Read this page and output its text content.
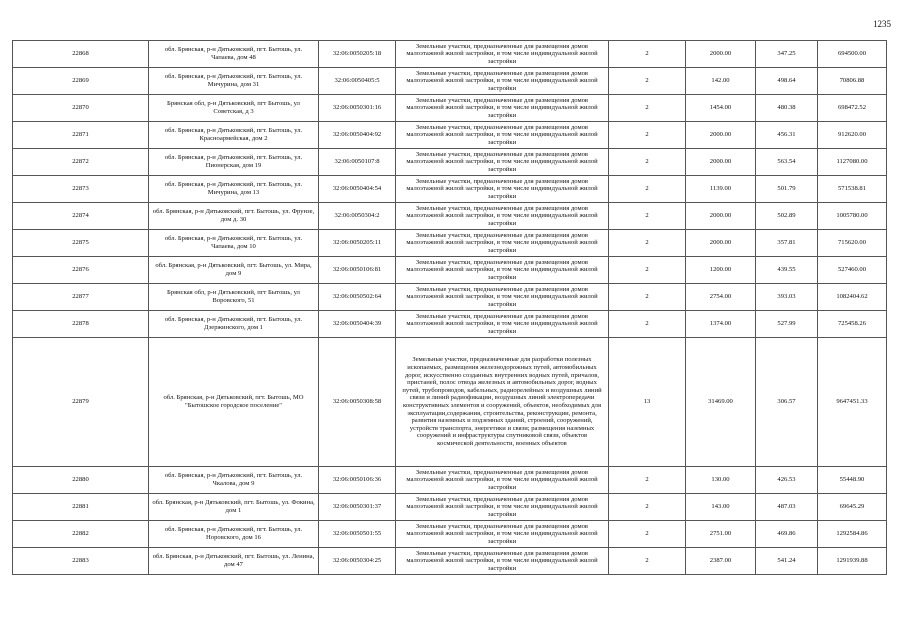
1235
22868	обл. Брянская, р-н Дятьковский, пгт. Бытошь, ул. Чапаева, дом 48	32:06:0050205:18	Земельные участки, предназначенные для размещения домов малоэтажной жилой застройки, в том числе индивидуальной жилой застройки	2	2000.00	347.25	694500.00
22869	обл. Брянская, р-н Дятьковский, пгт. Бытошь, ул. Мичурина, дом 31	32:06:0050405:5	Земельные участки, предназначенные для размещения домов малоэтажной жилой застройки, в том числе индивидуальной жилой застройки	2	142.00	498.64	70806.88
22870	Брянская обл, р-н Дятьковский, пгт Бытошь, ул Советская, д 3	32:06:0050301:16	Земельные участки, предназначенные для размещения домов малоэтажной жилой застройки, в том числе индивидуальной жилой застройки	2	1454.00	480.38	698472.52
22871	обл. Брянская, р-н Дятьковский, пгт. Бытошь, ул. Красноармейская, дом 2	32:06:0050404:92	Земельные участки, предназначенные для размещения домов малоэтажной жилой застройки, в том числе индивидуальной жилой застройки	2	2000.00	456.31	912620.00
22872	обл. Брянская, р-н Дятьковский, пгт. Бытошь, ул. Пионерская, дом 19	32:06:0050107:8	Земельные участки, предназначенные для размещения домов малоэтажной жилой застройки, в том числе индивидуальной жилой застройки	2	2000.00	563.54	1127080.00
22873	обл. Брянская, р-н Дятьковский, пгт. Бытошь, ул. Мичурина, дом 13	32:06:0050404:54	Земельные участки, предназначенные для размещения домов малоэтажной жилой застройки, в том числе индивидуальной жилой застройки	2	1139.00	501.79	571538.81
22874	обл. Брянская, р-н Дятьковский, пгт. Бытошь, ул. Фрунзе, дом д. 30	32:06:0050304:2	Земельные участки, предназначенные для размещения домов малоэтажной жилой застройки, в том числе индивидуальной жилой застройки	2	2000.00	502.89	1005780.00
22875	обл. Брянская, р-н Дятьковский, пгт. Бытошь, ул. Чапаева, дом 10	32:06:0050205:11	Земельные участки, предназначенные для размещения домов малоэтажной жилой застройки, в том числе индивидуальной жилой застройки	2	2000.00	357.81	715620.00
22876	обл. Брянская, р-н Дятьковский, пгт. Бытошь, ул. Мира, дом 9	32:06:0050106:81	Земельные участки, предназначенные для размещения домов малоэтажной жилой застройки, в том числе индивидуальной жилой застройки	2	1200.00	439.55	527460.00
22877	Брянская обл, р-н Дятьковский, пгт Бытошь, ул Воровского, 51	32:06:0050502:64	Земельные участки, предназначенные для размещения домов малоэтажной жилой застройки, в том числе индивидуальной жилой застройки	2	2754.00	393.03	1082404.62
22878	обл. Брянская, р-н Дятьковский, пгт. Бытошь, ул. Дзержинского, дом 1	32:06:0050404:39	Земельные участки, предназначенные для размещения домов малоэтажной жилой застройки, в том числе индивидуальной жилой застройки	2	1374.00	527.99	725458.26
22879	обл. Брянская, р-н Дятьковский, пгт. Бытошь, МО "Бытошское городское поселение"	32:06:0050308:58	Земельные участки, предназначенные для разработки полезных ископаемых, размещения железнодорожных путей, автомобильных дорог, искусственно созданных внутренних водных путей, причалов, пристаней, полос отвода железных и автомобильных дорог, водных путей, трубопроводов, кабельных, радиорелейных и воздушных линий связи и линий радиофикации, воздушных линий электропередачи конструктивных элементов и сооружений, объектов, необходимых для эксплуатации,содержания, строительства, реконструкции, ремонта, развития наземных и подземных зданий, строений, сооружений, устройств транспорта, энергетики и связи; размещения наземных сооружений и инфраструктуры спутниковой связи, объектов космической деятельности, военных объектов	13	31469.00	306.57	9647451.33
22880	обл. Брянская, р-н Дятьковский, пгт. Бытошь, ул. Чкалова, дом 9	32:06:0050106:36	Земельные участки, предназначенные для размещения домов малоэтажной жилой застройки, в том числе индивидуальной жилой застройки	2	130.00	426.53	55448.90
22881	обл. Брянская, р-н Дятьковский, пгт. Бытошь, ул. Фокина, дом 1	32:06:0050301:37	Земельные участки, предназначенные для размещения домов малоэтажной жилой застройки, в том числе индивидуальной жилой застройки	2	143.00	487.03	69645.29
22882	обл. Брянская, р-н Дятьковский, пгт. Бытошь, ул. Норовского, дом 16	32:06:0050501:55	Земельные участки, предназначенные для размещения домов малоэтажной жилой застройки, в том числе индивидуальной жилой застройки	2	2751.00	469.86	1292584.86
22883	обл. Брянская, р-н Дятьковский, пгт. Бытошь, ул. Ленина, дом 47	32:06:0050304:25	Земельные участки, предназначенные для размещения домов малоэтажной жилой застройки, в том числе индивидуальной жилой застройки	2	2387.00	541.24	1291939.88
